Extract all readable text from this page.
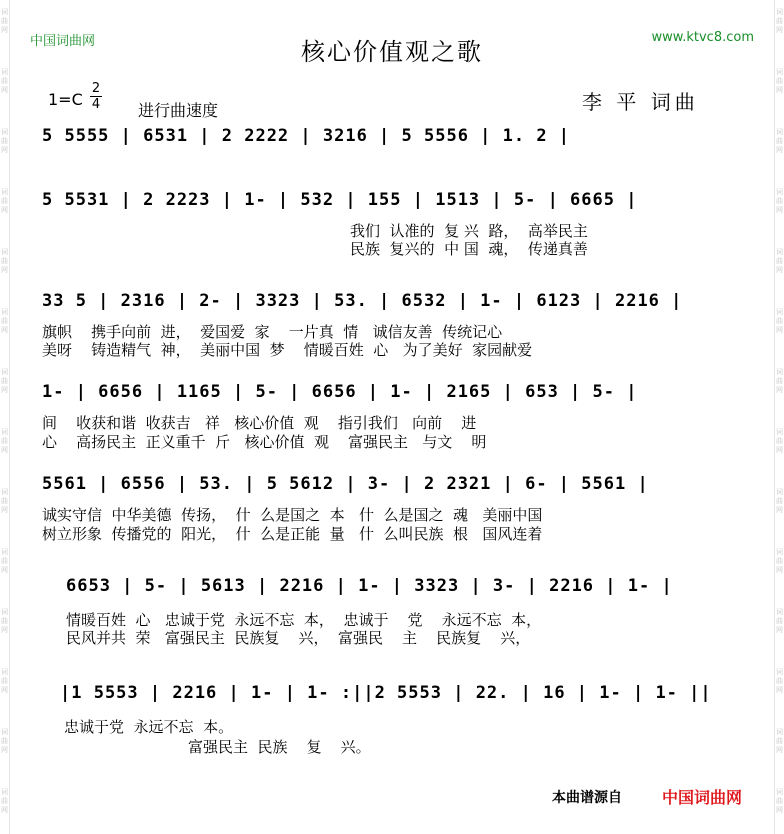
词
曲
网
词
曲
网
词
曲
网
词
曲
网
词
曲
网
词
曲
网
词
曲
网
词
曲
网
词
曲
网
词
曲
网
词
曲
网
词
曲
网
词
曲
网
词
曲
网
词
曲
网
词
曲
网
词
曲
网
词
曲
网
词
曲
网
词
曲
网
词
曲
网
词
曲
网
词
曲
网
词
曲
网
词
曲
网
词
曲
网
词
曲
网
词
曲
网
中国词曲网	www.ktvc8.com
核心价值观之歌
1=C
2
4 进行曲速度	李 平 词曲
5 5555 | 6531 | 2 2222 | 3216 | 5 5556 | 1. 2 |
5 5531 | 2 2223 | 1- | 532 | 155 | 1513 | 5- | 6665 |
我们  认准的  复 兴  路，  高举民主
民族  复兴的  中 国  魂，  传递真善
33 5 | 2316 | 2- | 3323 | 53. | 6532 | 1- | 6123 | 2216 |
旗帜    携手向前  进，  爱国爱  家    一片真  情   诚信友善  传统记心
美呀    铸造精气  神，  美丽中国  梦    情暖百姓  心   为了美好  家园献爱
1- | 6656 | 1165 | 5- | 6656 | 1- | 2165 | 653 | 5- |
间    收获和谐  收获吉   祥   核心价值  观    指引我们   向前    进
心    高扬民主  正义重千  斤   核心价值  观    富强民主   与文    明
5561 | 6556 | 53. | 5 5612 | 3- | 2 2321 | 6- | 5561 |
诚实守信  中华美德  传扬，  什  么是国之  本   什  么是国之  魂   美丽中国
树立形象  传播党的  阳光，  什  么是正能  量   什  么叫民族  根   国风连着
6653 | 5- | 5613 | 2216 | 1- | 3323 | 3- | 2216 | 1- |
情暖百姓  心   忠诚于党  永远不忘  本，  忠诚于    党    永远不忘  本，
民风并共  荣   富强民主  民族复    兴，  富强民    主    民族复    兴，
|1 5553 | 2216 | 1- | 1- :||2 5553 | 22. | 16 | 1- | 1- ||
忠诚于党  永远不忘  本。
富强民主  民族    复    兴。
本曲谱源自	中国词曲网
